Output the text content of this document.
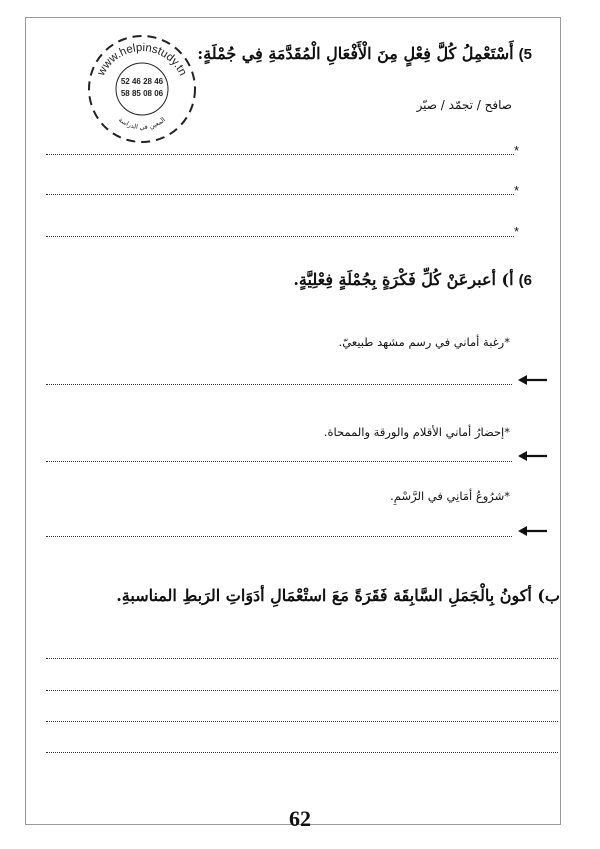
www.helpinstudy.tn
المعين في الدراسة
52 46 28 46
58 85 08 06
5) أَسْتَعْمِلُ كُلَّ فِعْلٍ مِنَ الْأَفْعَالِ الْمُقَدَّمَةِ فِي جُمْلَةٍ:
صافح / تجمّد / صيّر
*
*
*
6) أ) أعبرعَنْ كُلِّ فَكْرَةٍ بِجُمْلَةٍ فِعْلِيَّةٍ.
*رغبة أماني في رسم مشهد طبيعيّ.
*إحضارُ أماني الأقلام والورقة والممحاة.
*شرُوعُ أمَانِي في الرَّسْمِ.
ب) أكونُ بِالْجَمَلِ السَّابِقَة فَقَرَةً مَعَ استْعْمَالِ أدَوَاتِ الرَبطِ المناسبةِ.
62
